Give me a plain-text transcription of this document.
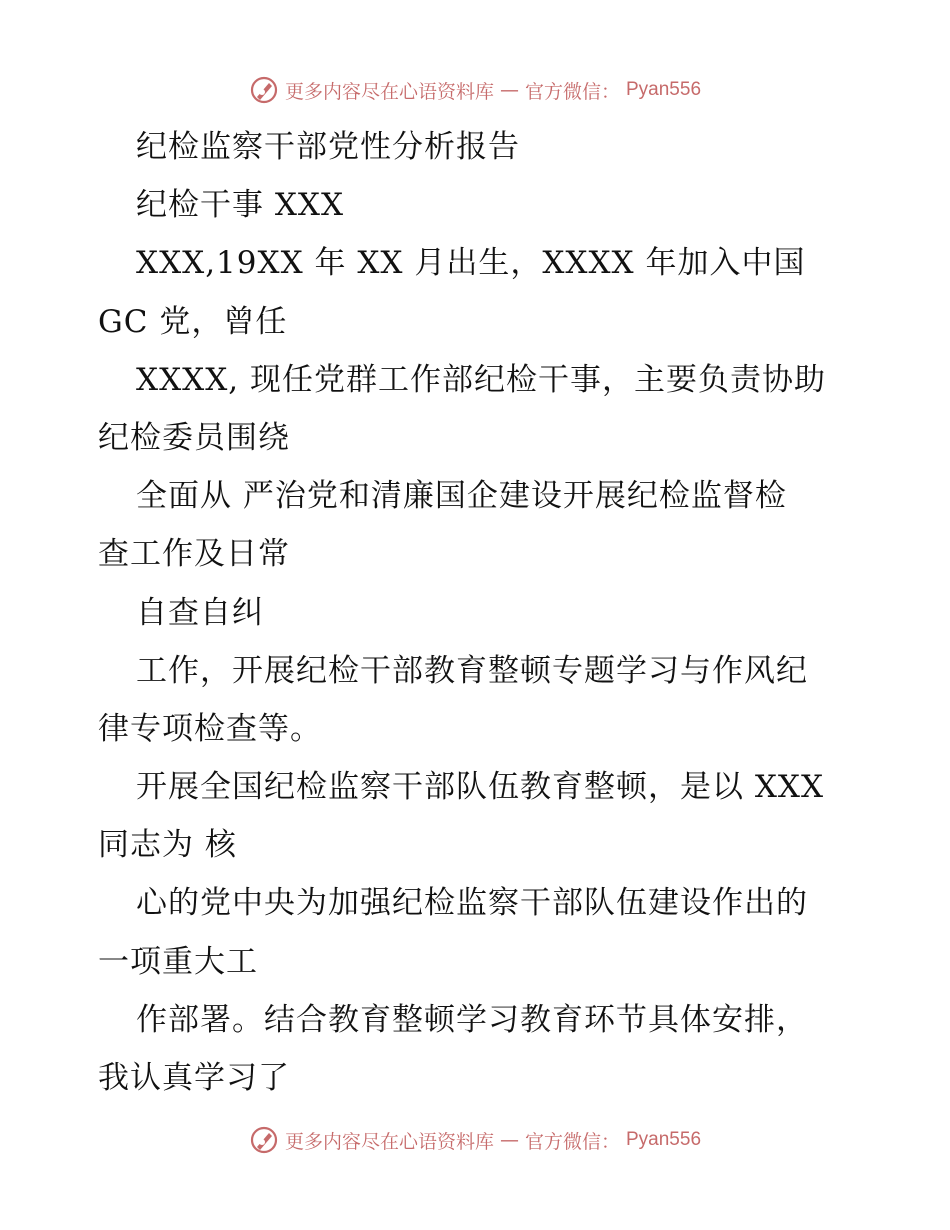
更多内容尽在心语资料库 — 官方微信： Pyan556
纪检监察干部党性分析报告
纪检干事 XXX
XXX,19XX 年 XX 月出生，XXXX 年加入中国
GC 党，曾任
XXXX, 现任党群工作部纪检干事，主要负责协助
纪检委员围绕
全面从 严治党和清廉国企建设开展纪检监督检
查工作及日常
自查自纠
工作，开展纪检干部教育整顿专题学习与作风纪
律专项检查等。
开展全国纪检监察干部队伍教育整顿，是以 XXX
同志为 核
心的党中央为加强纪检监察干部队伍建设作出的
一项重大工
作部署。结合教育整顿学习教育环节具体安排，
我认真学习了
更多内容尽在心语资料库 — 官方微信： Pyan556
